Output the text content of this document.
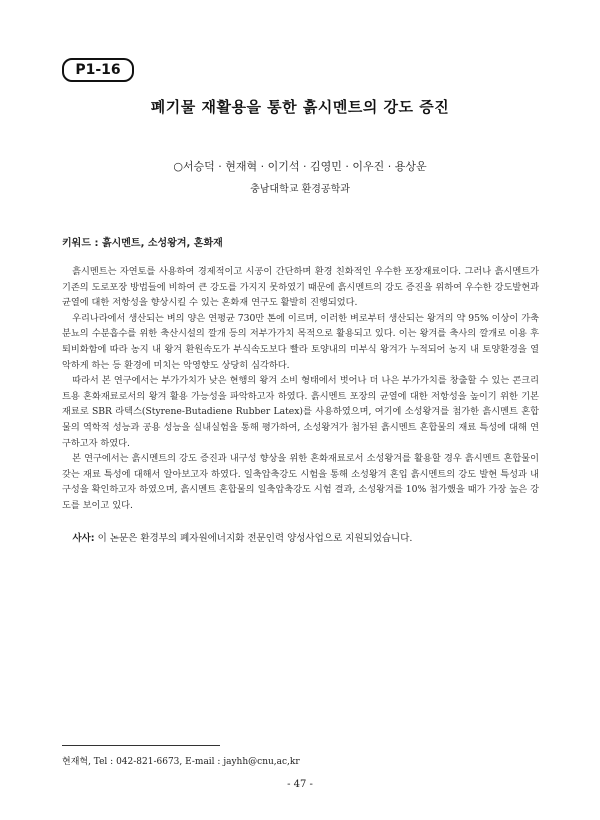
P1-16
폐기물 재활용을 통한 흙시멘트의 강도 증진
○서승덕 · 현재혁 · 이기석 · 김영민 · 이우진 · 용상운
충남대학교 환경공학과
키워드 : 흙시멘트, 소성왕겨, 혼화재

흙시멘트는 자연토를 사용하여 경제적이고 시공이 간단하며 환경 친화적인 우수한 포장재료이다. 그러나 흙시멘트가 기존의 도로포장 방법들에 비하여 큰 강도를 가지지 못하였기 때문에 흙시멘트의 강도 증진을 위하여 우수한 강도발현과 균열에 대한 저항성을 향상시킬 수 있는 혼화재 연구도 활발히 진행되었다.

우리나라에서 생산되는 벼의 양은 연평균 730만 톤에 이르며, 이러한 벼로부터 생산되는 왕겨의 약 95% 이상이 가축분뇨의 수분흡수를 위한 축산시설의 깔개 등의 저부가가치 목적으로 활용되고 있다. 이는 왕겨를 축사의 깔개로 이용 후 퇴비화함에 따라 농지 내 왕겨 환원속도가 부식속도보다 빨라 토양내의 미부식 왕겨가 누적되어 농지 내 토양환경을 열악하게 하는 등 환경에 미치는 악영향도 상당히 심각하다.

따라서 본 연구에서는 부가가치가 낮은 현행의 왕겨 소비 형태에서 벗어나 더 나은 부가가치를 창출할 수 있는 콘크리트용 혼화재료로서의 왕겨 활용 가능성을 파악하고자 하였다. 흙시멘트 포장의 균열에 대한 저항성을 높이기 위한 기본 재료로 SBR 라텍스(Styrene-Butadiene Rubber Latex)를 사용하였으며, 여기에 소성왕겨를 첨가한 흙시멘트 혼합물의 역학적 성능과 공용 성능을 실내실험을 통해 평가하여, 소성왕겨가 첨가된 흙시멘트 혼합물의 재료 특성에 대해 연구하고자 하였다.

본 연구에서는 흙시멘트의 강도 증진과 내구성 향상을 위한 혼화재료로서 소성왕겨를 활용할 경우 흙시멘트 혼합물이 갖는 재료 특성에 대해서 알아보고자 하였다. 일축압축강도 시험을 통해 소성왕겨 혼입 흙시멘트의 강도 발현 특성과 내구성을 확인하고자 하였으며, 흙시멘트 혼합물의 일축압축강도 시험 결과, 소성왕겨를 10% 첨가했을 때가 가장 높은 강도를 보이고 있다.

사사: 이 논문은 환경부의 폐자원에너지화 전문인력 양성사업으로 지원되었습니다.
현재혁, Tel : 042-821-6673, E-mail : jayhh@cnu,ac,kr
- 47 -
